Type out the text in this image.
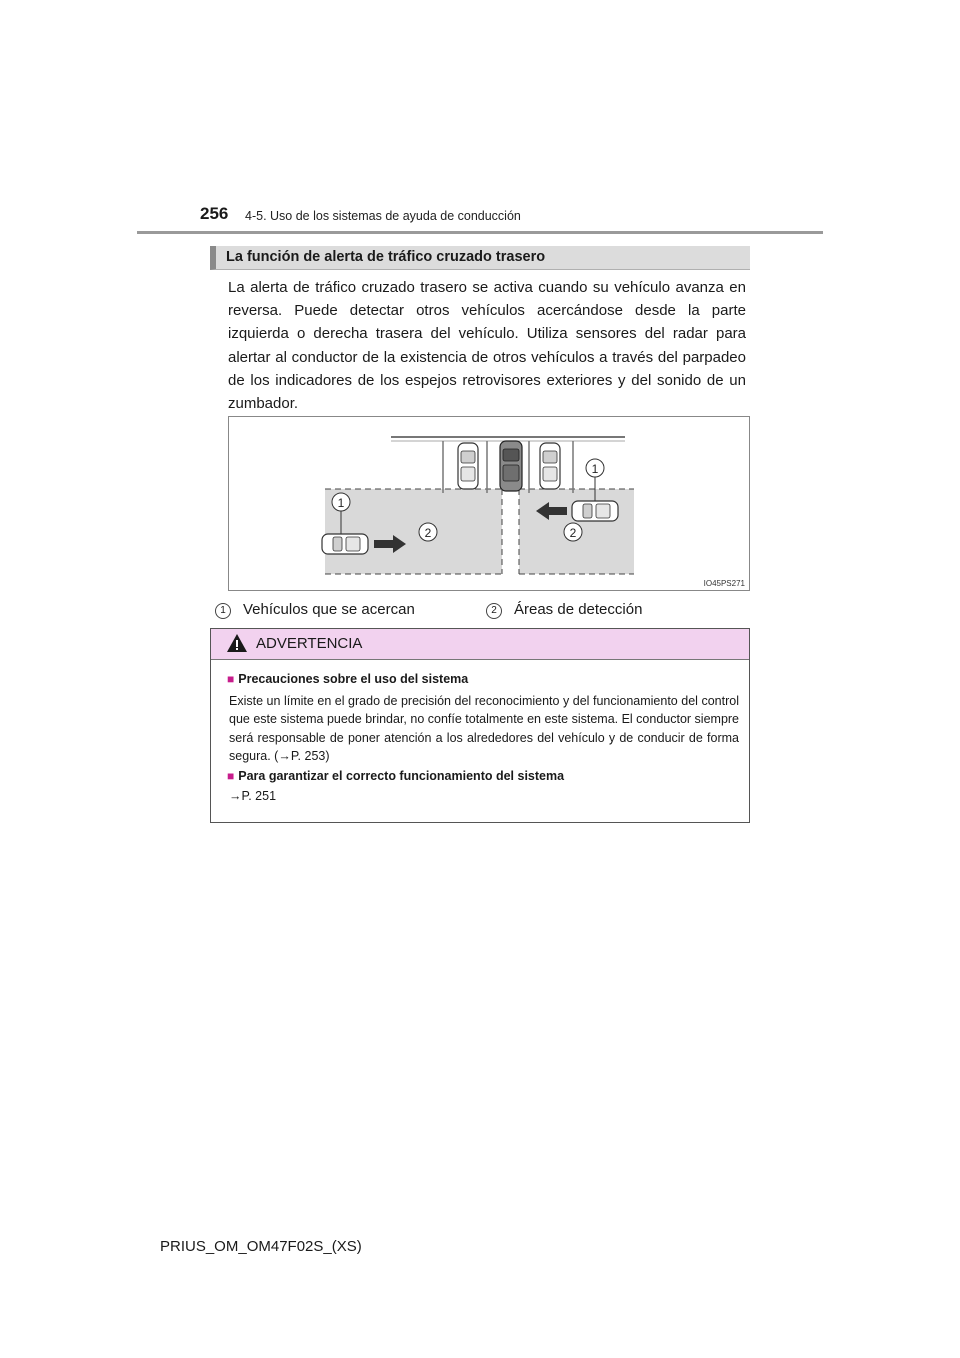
256 4-5. Uso de los sistemas de ayuda de conducción
La función de alerta de tráfico cruzado trasero
La alerta de tráfico cruzado trasero se activa cuando su vehículo avanza en reversa. Puede detectar otros vehículos acercándose desde la parte izquierda o derecha trasera del vehículo. Utiliza sensores del radar para alertar al conductor de la existencia de otros vehículos a través del parpadeo de los indicadores de los espejos retrovisores exteriores y del sonido de un zumbador.
1
1
2	2
IO45PS271
1 Vehículos que se acercan	2 Áreas de detección
ADVERTENCIA
■ Precauciones sobre el uso del sistema
Existe un límite en el grado de precisión del reconocimiento y del funcionamiento del control que este sistema puede brindar, no confíe totalmente en este sistema. El conductor siempre será responsable de poner atención a los alrededores del vehículo y de conducir de forma segura. (→P. 253)
■ Para garantizar el correcto funcionamiento del sistema
→P. 251
PRIUS_OM_OM47F02S_(XS)
